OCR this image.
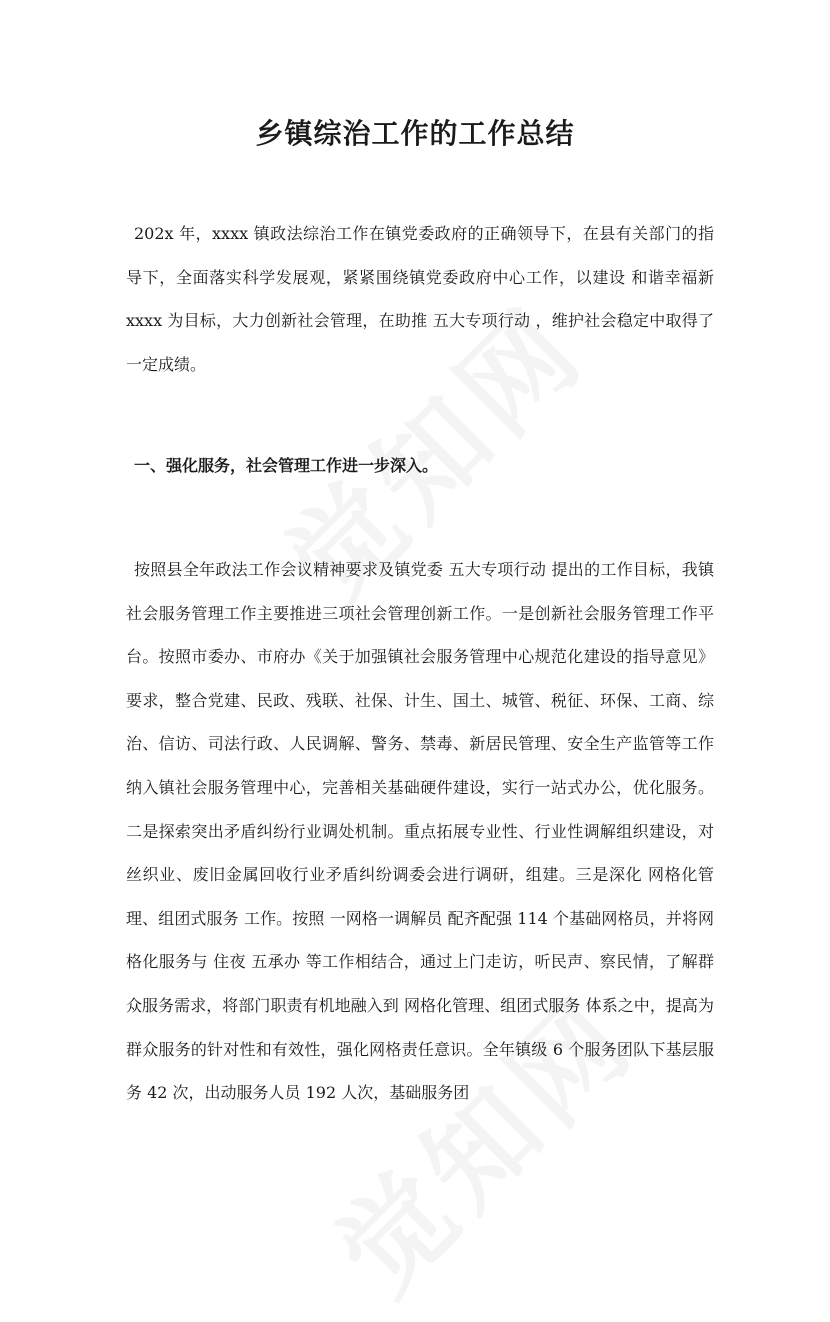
乡镇综治工作的工作总结

202x 年，xxxx 镇政法综治工作在镇党委政府的正确领导下，在县有关部门的指导下，全面落实科学发展观，紧紧围绕镇党委政府中心工作，以建设 和谐幸福新 xxxx 为目标，大力创新社会管理，在助推 五大专项行动 ，维护社会稳定中取得了一定成绩。

一、强化服务，社会管理工作进一步深入。

按照县全年政法工作会议精神要求及镇党委 五大专项行动 提出的工作目标，我镇社会服务管理工作主要推进三项社会管理创新工作。一是创新社会服务管理工作平台。按照市委办、市府办《关于加强镇社会服务管理中心规范化建设的指导意见》要求，整合党建、民政、残联、社保、计生、国土、城管、税征、环保、工商、综治、信访、司法行政、人民调解、警务、禁毒、新居民管理、安全生产监管等工作纳入镇社会服务管理中心，完善相关基础硬件建设，实行一站式办公，优化服务。二是探索突出矛盾纠纷行业调处机制。重点拓展专业性、行业性调解组织建设，对丝织业、废旧金属回收行业矛盾纠纷调委会进行调研，组建。三是深化 网格化管理、组团式服务 工作。按照 一网格一调解员 配齐配强 114 个基础网格员，并将网格化服务与 住夜 五承办 等工作相结合，通过上门走访，听民声、察民情，了解群众服务需求，将部门职责有机地融入到 网格化管理、组团式服务 体系之中，提高为群众服务的针对性和有效性，强化网格责任意识。全年镇级 6 个服务团队下基层服务 42 次，出动服务人员 192 人次，基础服务团
